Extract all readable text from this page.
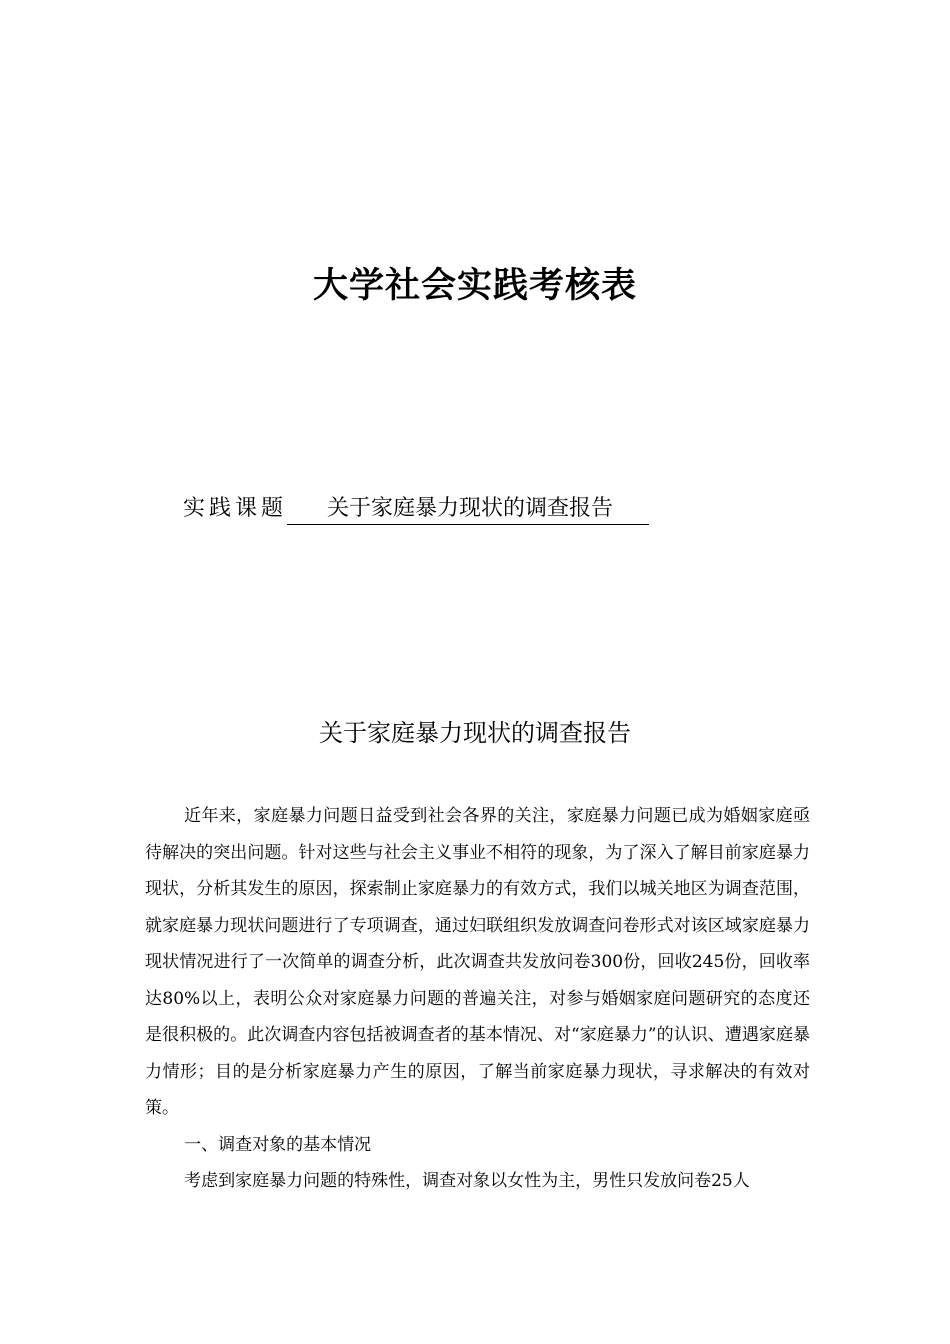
大学社会实践考核表
实践课题 关于家庭暴力现状的调查报告
关于家庭暴力现状的调查报告

近年来，家庭暴力问题日益受到社会各界的关注，家庭暴力问题已成为婚姻家庭亟待解决的突出问题。针对这些与社会主义事业不相符的现象，为了深入了解目前家庭暴力现状，分析其发生的原因，探索制止家庭暴力的有效方式，我们以城关地区为调查范围，就家庭暴力现状问题进行了专项调查，通过妇联组织发放调查问卷形式对该区域家庭暴力现状情况进行了一次简单的调查分析，此次调查共发放问卷300份，回收245份，回收率达80%以上，表明公众对家庭暴力问题的普遍关注，对参与婚姻家庭问题研究的态度还是很积极的。此次调查内容包括被调查者的基本情况、对“家庭暴力”的认识、遭遇家庭暴力情形；目的是分析家庭暴力产生的原因，了解当前家庭暴力现状，寻求解决的有效对策。

一、调查对象的基本情况

考虑到家庭暴力问题的特殊性，调查对象以女性为主，男性只发放问卷25人
